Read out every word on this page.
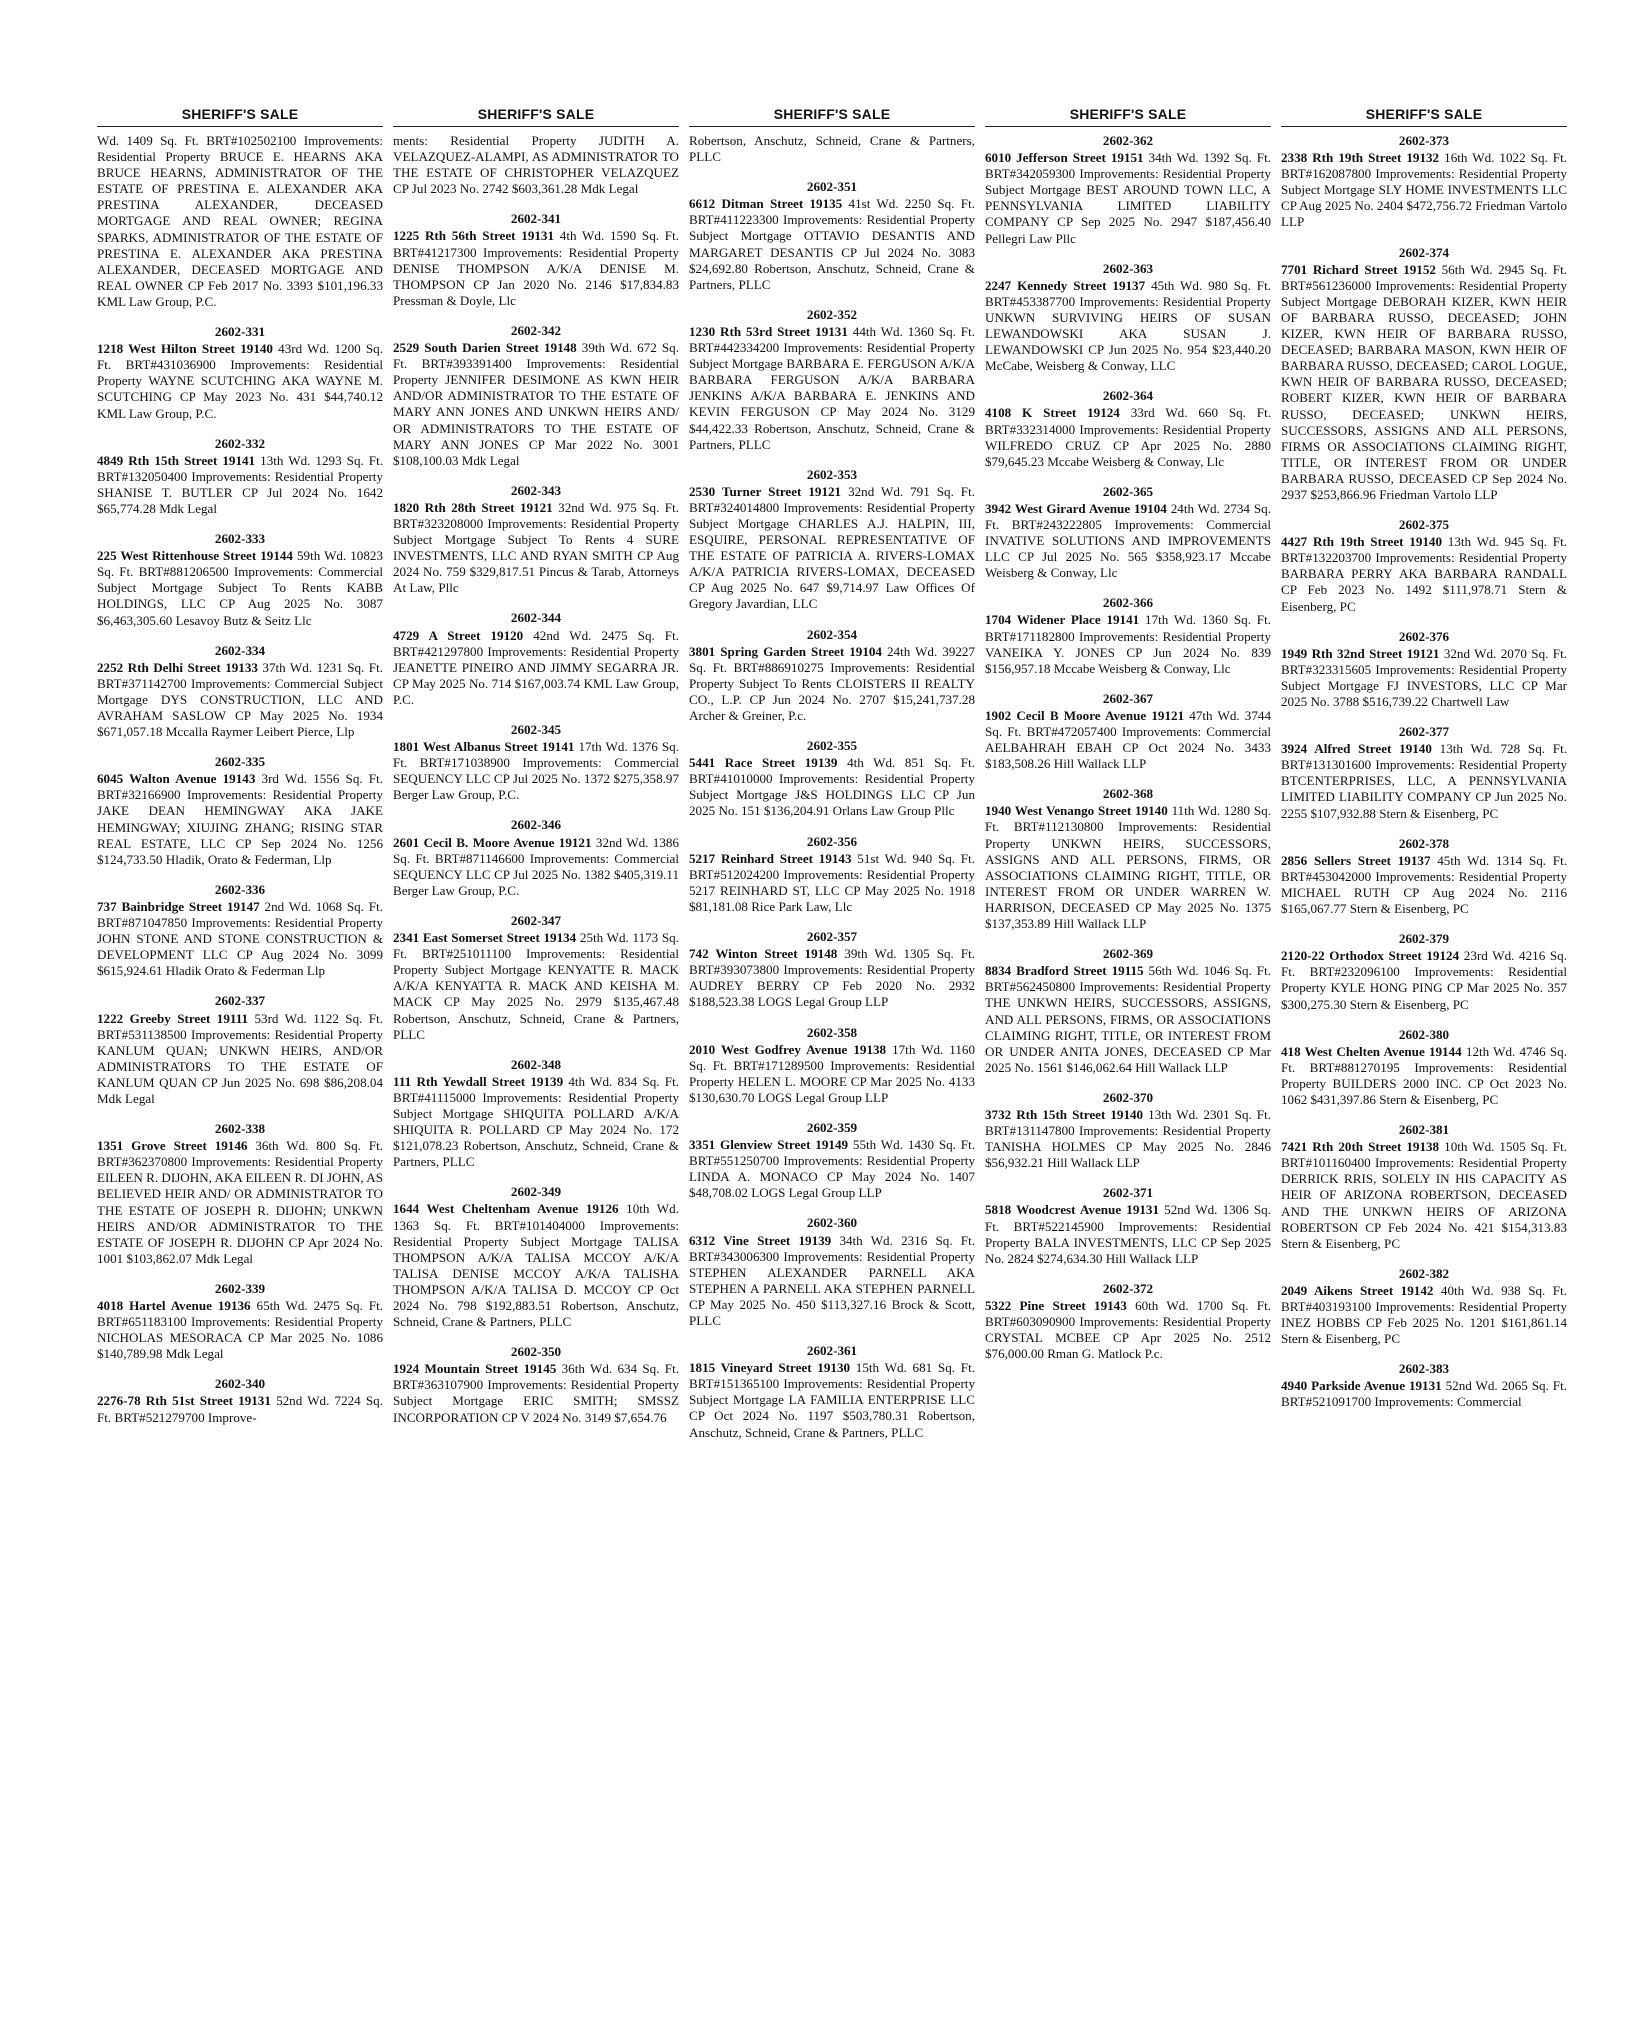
SHERIFF'S SALE
Wd. 1409 Sq. Ft. BRT#102502100 Improvements: Residential Property BRUCE E. HEARNS AKA BRUCE HEARNS, ADMINISTRATOR OF THE ESTATE OF PRESTINA E. ALEXANDER AKA PRESTINA ALEXANDER, DECEASED MORTGAGE AND REAL OWNER; REGINA SPARKS, ADMINISTRATOR OF THE ESTATE OF PRESTINA E. ALEXANDER AKA PRESTINA ALEXANDER, DECEASED MORTGAGE AND REAL OWNER CP Feb 2017 No. 3393 $101,196.33 KML Law Group, P.C.
2602-331
1218 West Hilton Street 19140 43rd Wd. 1200 Sq. Ft. BRT#431036900 Improvements: Residential Property WAYNE SCUTCHING AKA WAYNE M. SCUTCHING CP May 2023 No. 431 $44,740.12 KML Law Group, P.C.
2602-332
4849 Rth 15th Street 19141 13th Wd. 1293 Sq. Ft. BRT#132050400 Improvements: Residential Property SHANISE T. BUTLER CP Jul 2024 No. 1642 $65,774.28 Mdk Legal
2602-333
225 West Rittenhouse Street 19144 59th Wd. 10823 Sq. Ft. BRT#881206500 Improvements: Commercial Subject Mortgage Subject To Rents KABB HOLDINGS, LLC CP Aug 2025 No. 3087 $6,463,305.60 Lesavoy Butz & Seitz Llc
2602-334
2252 Rth Delhi Street 19133 37th Wd. 1231 Sq. Ft. BRT#371142700 Improvements: Commercial Subject Mortgage DYS CONSTRUCTION, LLC AND AVRAHAM SASLOW CP May 2025 No. 1934 $671,057.18 Mccalla Raymer Leibert Pierce, Llp
2602-335
6045 Walton Avenue 19143 3rd Wd. 1556 Sq. Ft. BRT#32166900 Improvements: Residential Property JAKE DEAN HEMINGWAY AKA JAKE HEMINGWAY; XIUJING ZHANG; RISING STAR REAL ESTATE, LLC CP Sep 2024 No. 1256 $124,733.50 Hladik, Orato & Federman, Llp
2602-336
737 Bainbridge Street 19147 2nd Wd. 1068 Sq. Ft. BRT#871047850 Improvements: Residential Property JOHN STONE AND STONE CONSTRUCTION & DEVELOPMENT LLC CP Aug 2024 No. 3099 $615,924.61 Hladik Orato & Federman Llp
2602-337
1222 Greeby Street 19111 53rd Wd. 1122 Sq. Ft. BRT#531138500 Improvements: Residential Property KANLUM QUAN; UNKWN HEIRS, AND/OR ADMINISTRATORS TO THE ESTATE OF KANLUM QUAN CP Jun 2025 No. 698 $86,208.04 Mdk Legal
2602-338
1351 Grove Street 19146 36th Wd. 800 Sq. Ft. BRT#362370800 Improvements: Residential Property EILEEN R. DIJOHN, AKA EILEEN R. DI JOHN, AS BELIEVED HEIR AND/ OR ADMINISTRATOR TO THE ESTATE OF JOSEPH R. DIJOHN; UNKWN HEIRS AND/OR ADMINISTRATOR TO THE ESTATE OF JOSEPH R. DIJOHN CP Apr 2024 No. 1001 $103,862.07 Mdk Legal
2602-339
4018 Hartel Avenue 19136 65th Wd. 2475 Sq. Ft. BRT#651183100 Improvements: Residential Property NICHOLAS MESORACA CP Mar 2025 No. 1086 $140,789.98 Mdk Legal
2602-340
2276-78 Rth 51st Street 19131 52nd Wd. 7224 Sq. Ft. BRT#521279700 Improve-
SHERIFF'S SALE
ments: Residential Property JUDITH A. VELAZQUEZ-ALAMPI, AS ADMINISTRATOR TO THE ESTATE OF CHRISTOPHER VELAZQUEZ CP Jul 2023 No. 2742 $603,361.28 Mdk Legal
2602-341
1225 Rth 56th Street 19131 4th Wd. 1590 Sq. Ft. BRT#41217300 Improvements: Residential Property DENISE THOMPSON A/K/A DENISE M. THOMPSON CP Jan 2020 No. 2146 $17,834.83 Pressman & Doyle, Llc
2602-342
2529 South Darien Street 19148 39th Wd. 672 Sq. Ft. BRT#393391400 Improvements: Residential Property JENNIFER DESIMONE AS KWN HEIR AND/OR ADMINISTRATOR TO THE ESTATE OF MARY ANN JONES AND UNKWN HEIRS AND/ OR ADMINISTRATORS TO THE ESTATE OF MARY ANN JONES CP Mar 2022 No. 3001 $108,100.03 Mdk Legal
2602-343
1820 Rth 28th Street 19121 32nd Wd. 975 Sq. Ft. BRT#323208000 Improvements: Residential Property Subject Mortgage Subject To Rents 4 SURE INVESTMENTS, LLC AND RYAN SMITH CP Aug 2024 No. 759 $329,817.51 Pincus & Tarab, Attorneys At Law, Pllc
2602-344
4729 A Street 19120 42nd Wd. 2475 Sq. Ft. BRT#421297800 Improvements: Residential Property JEANETTE PINEIRO AND JIMMY SEGARRA JR. CP May 2025 No. 714 $167,003.74 KML Law Group, P.C.
2602-345
1801 West Albanus Street 19141 17th Wd. 1376 Sq. Ft. BRT#171038900 Improvements: Commercial SEQUENCY LLC CP Jul 2025 No. 1372 $275,358.97 Berger Law Group, P.C.
2602-346
2601 Cecil B. Moore Avenue 19121 32nd Wd. 1386 Sq. Ft. BRT#871146600 Improvements: Commercial SEQUENCY LLC CP Jul 2025 No. 1382 $405,319.11 Berger Law Group, P.C.
2602-347
2341 East Somerset Street 19134 25th Wd. 1173 Sq. Ft. BRT#251011100 Improvements: Residential Property Subject Mortgage KENYATTE R. MACK A/K/A KENYATTA R. MACK AND KEISHA M. MACK CP May 2025 No. 2979 $135,467.48 Robertson, Anschutz, Schneid, Crane & Partners, PLLC
2602-348
111 Rth Yewdall Street 19139 4th Wd. 834 Sq. Ft. BRT#41115000 Improvements: Residential Property Subject Mortgage SHIQUITA POLLARD A/K/A SHIQUITA R. POLLARD CP May 2024 No. 172 $121,078.23 Robertson, Anschutz, Schneid, Crane & Partners, PLLC
2602-349
1644 West Cheltenham Avenue 19126 10th Wd. 1363 Sq. Ft. BRT#101404000 Improvements: Residential Property Subject Mortgage TALISA THOMPSON A/K/A TALISA MCCOY A/K/A TALISA DENISE MCCOY A/K/A TALISHA THOMPSON A/K/A TALISA D. MCCOY CP Oct 2024 No. 798 $192,883.51 Robertson, Anschutz, Schneid, Crane & Partners, PLLC
2602-350
1924 Mountain Street 19145 36th Wd. 634 Sq. Ft. BRT#363107900 Improvements: Residential Property Subject Mortgage ERIC SMITH; SMSSZ INCORPORATION CP V 2024 No. 3149 $7,654.76
SHERIFF'S SALE
Robertson, Anschutz, Schneid, Crane & Partners, PLLC
2602-351
6612 Ditman Street 19135 41st Wd. 2250 Sq. Ft. BRT#411223300 Improvements: Residential Property Subject Mortgage OTTAVIO DESANTIS AND MARGARET DESANTIS CP Jul 2024 No. 3083 $24,692.80 Robertson, Anschutz, Schneid, Crane & Partners, PLLC
2602-352
1230 Rth 53rd Street 19131 44th Wd. 1360 Sq. Ft. BRT#442334200 Improvements: Residential Property Subject Mortgage BARBARA E. FERGUSON A/K/A BARBARA FERGUSON A/K/A BARBARA JENKINS A/K/A BARBARA E. JENKINS AND KEVIN FERGUSON CP May 2024 No. 3129 $44,422.33 Robertson, Anschutz, Schneid, Crane & Partners, PLLC
2602-353
2530 Turner Street 19121 32nd Wd. 791 Sq. Ft. BRT#324014800 Improvements: Residential Property Subject Mortgage CHARLES A.J. HALPIN, III, ESQUIRE, PERSONAL REPRESENTATIVE OF THE ESTATE OF PATRICIA A. RIVERS-LOMAX A/K/A PATRICIA RIVERS-LOMAX, DECEASED CP Aug 2025 No. 647 $9,714.97 Law Offices Of Gregory Javardian, LLC
2602-354
3801 Spring Garden Street 19104 24th Wd. 39227 Sq. Ft. BRT#886910275 Improvements: Residential Property Subject To Rents CLOISTERS II REALTY CO., L.P. CP Jun 2024 No. 2707 $15,241,737.28 Archer & Greiner, P.c.
2602-355
5441 Race Street 19139 4th Wd. 851 Sq. Ft. BRT#41010000 Improvements: Residential Property Subject Mortgage J&S HOLDINGS LLC CP Jun 2025 No. 151 $136,204.91 Orlans Law Group Pllc
2602-356
5217 Reinhard Street 19143 51st Wd. 940 Sq. Ft. BRT#512024200 Improvements: Residential Property 5217 REINHARD ST, LLC CP May 2025 No. 1918 $81,181.08 Rice Park Law, Llc
2602-357
742 Winton Street 19148 39th Wd. 1305 Sq. Ft. BRT#393073800 Improvements: Residential Property AUDREY BERRY CP Feb 2020 No. 2932 $188,523.38 LOGS Legal Group LLP
2602-358
2010 West Godfrey Avenue 19138 17th Wd. 1160 Sq. Ft. BRT#171289500 Improvements: Residential Property HELEN L. MOORE CP Mar 2025 No. 4133 $130,630.70 LOGS Legal Group LLP
2602-359
3351 Glenview Street 19149 55th Wd. 1430 Sq. Ft. BRT#551250700 Improvements: Residential Property LINDA A. MONACO CP May 2024 No. 1407 $48,708.02 LOGS Legal Group LLP
2602-360
6312 Vine Street 19139 34th Wd. 2316 Sq. Ft. BRT#343006300 Improvements: Residential Property STEPHEN ALEXANDER PARNELL AKA STEPHEN A PARNELL AKA STEPHEN PARNELL CP May 2025 No. 450 $113,327.16 Brock & Scott, PLLC
2602-361
1815 Vineyard Street 19130 15th Wd. 681 Sq. Ft. BRT#151365100 Improvements: Residential Property Subject Mortgage LA FAMILIA ENTERPRISE LLC CP Oct 2024 No. 1197 $503,780.31 Robertson, Anschutz, Schneid, Crane & Partners, PLLC
SHERIFF'S SALE
2602-362
6010 Jefferson Street 19151 34th Wd. 1392 Sq. Ft. BRT#342059300 Improvements: Residential Property Subject Mortgage BEST AROUND TOWN LLC, A PENNSYLVANIA LIMITED LIABILITY COMPANY CP Sep 2025 No. 2947 $187,456.40 Pellegri Law Pllc
2602-363
2247 Kennedy Street 19137 45th Wd. 980 Sq. Ft. BRT#453387700 Improvements: Residential Property UNKWN SURVIVING HEIRS OF SUSAN LEWANDOWSKI AKA SUSAN J. LEWANDOWSKI CP Jun 2025 No. 954 $23,440.20 McCabe, Weisberg & Conway, LLC
2602-364
4108 K Street 19124 33rd Wd. 660 Sq. Ft. BRT#332314000 Improvements: Residential Property WILFREDO CRUZ CP Apr 2025 No. 2880 $79,645.23 Mccabe Weisberg & Conway, Llc
2602-365
3942 West Girard Avenue 19104 24th Wd. 2734 Sq. Ft. BRT#243222805 Improvements: Commercial INVATIVE SOLUTIONS AND IMPROVEMENTS LLC CP Jul 2025 No. 565 $358,923.17 Mccabe Weisberg & Conway, Llc
2602-366
1704 Widener Place 19141 17th Wd. 1360 Sq. Ft. BRT#171182800 Improvements: Residential Property VANEIKA Y. JONES CP Jun 2024 No. 839 $156,957.18 Mccabe Weisberg & Conway, Llc
2602-367
1902 Cecil B Moore Avenue 19121 47th Wd. 3744 Sq. Ft. BRT#472057400 Improvements: Commercial AELBAHRAH EBAH CP Oct 2024 No. 3433 $183,508.26 Hill Wallack LLP
2602-368
1940 West Venango Street 19140 11th Wd. 1280 Sq. Ft. BRT#112130800 Improvements: Residential Property UNKWN HEIRS, SUCCESSORS, ASSIGNS AND ALL PERSONS, FIRMS, OR ASSOCIATIONS CLAIMING RIGHT, TITLE, OR INTEREST FROM OR UNDER WARREN W. HARRISON, DECEASED CP May 2025 No. 1375 $137,353.89 Hill Wallack LLP
2602-369
8834 Bradford Street 19115 56th Wd. 1046 Sq. Ft. BRT#562450800 Improvements: Residential Property THE UNKWN HEIRS, SUCCESSORS, ASSIGNS, AND ALL PERSONS, FIRMS, OR ASSOCIATIONS CLAIMING RIGHT, TITLE, OR INTEREST FROM OR UNDER ANITA JONES, DECEASED CP Mar 2025 No. 1561 $146,062.64 Hill Wallack LLP
2602-370
3732 Rth 15th Street 19140 13th Wd. 2301 Sq. Ft. BRT#131147800 Improvements: Residential Property TANISHA HOLMES CP May 2025 No. 2846 $56,932.21 Hill Wallack LLP
2602-371
5818 Woodcrest Avenue 19131 52nd Wd. 1306 Sq. Ft. BRT#522145900 Improvements: Residential Property BALA INVESTMENTS, LLC CP Sep 2025 No. 2824 $274,634.30 Hill Wallack LLP
2602-372
5322 Pine Street 19143 60th Wd. 1700 Sq. Ft. BRT#603090900 Improvements: Residential Property CRYSTAL MCBEE CP Apr 2025 No. 2512 $76,000.00 Rman G. Matlock P.c.
SHERIFF'S SALE
2602-373
2338 Rth 19th Street 19132 16th Wd. 1022 Sq. Ft. BRT#162087800 Improvements: Residential Property Subject Mortgage SLY HOME INVESTMENTS LLC CP Aug 2025 No. 2404 $472,756.72 Friedman Vartolo LLP
2602-374
7701 Richard Street 19152 56th Wd. 2945 Sq. Ft. BRT#561236000 Improvements: Residential Property Subject Mortgage DEBORAH KIZER, KWN HEIR OF BARBARA RUSSO, DECEASED; JOHN KIZER, KWN HEIR OF BARBARA RUSSO, DECEASED; BARBARA MASON, KWN HEIR OF BARBARA RUSSO, DECEASED; CAROL LOGUE, KWN HEIR OF BARBARA RUSSO, DECEASED; ROBERT KIZER, KWN HEIR OF BARBARA RUSSO, DECEASED; UNKWN HEIRS, SUCCESSORS, ASSIGNS AND ALL PERSONS, FIRMS OR ASSOCIATIONS CLAIMING RIGHT, TITLE, OR INTEREST FROM OR UNDER BARBARA RUSSO, DECEASED CP Sep 2024 No. 2937 $253,866.96 Friedman Vartolo LLP
2602-375
4427 Rth 19th Street 19140 13th Wd. 945 Sq. Ft. BRT#132203700 Improvements: Residential Property BARBARA PERRY AKA BARBARA RANDALL CP Feb 2023 No. 1492 $111,978.71 Stern & Eisenberg, PC
2602-376
1949 Rth 32nd Street 19121 32nd Wd. 2070 Sq. Ft. BRT#323315605 Improvements: Residential Property Subject Mortgage FJ INVESTORS, LLC CP Mar 2025 No. 3788 $516,739.22 Chartwell Law
2602-377
3924 Alfred Street 19140 13th Wd. 728 Sq. Ft. BRT#131301600 Improvements: Residential Property BTCENTERPRISES, LLC, A PENNSYLVANIA LIMITED LIABILITY COMPANY CP Jun 2025 No. 2255 $107,932.88 Stern & Eisenberg, PC
2602-378
2856 Sellers Street 19137 45th Wd. 1314 Sq. Ft. BRT#453042000 Improvements: Residential Property MICHAEL RUTH CP Aug 2024 No. 2116 $165,067.77 Stern & Eisenberg, PC
2602-379
2120-22 Orthodox Street 19124 23rd Wd. 4216 Sq. Ft. BRT#232096100 Improvements: Residential Property KYLE HONG PING CP Mar 2025 No. 357 $300,275.30 Stern & Eisenberg, PC
2602-380
418 West Chelten Avenue 19144 12th Wd. 4746 Sq. Ft. BRT#881270195 Improvements: Residential Property BUILDERS 2000 INC. CP Oct 2023 No. 1062 $431,397.86 Stern & Eisenberg, PC
2602-381
7421 Rth 20th Street 19138 10th Wd. 1505 Sq. Ft. BRT#101160400 Improvements: Residential Property DERRICK RRIS, SOLELY IN HIS CAPACITY AS HEIR OF ARIZONA ROBERTSON, DECEASED AND THE UNKWN HEIRS OF ARIZONA ROBERTSON CP Feb 2024 No. 421 $154,313.83 Stern & Eisenberg, PC
2602-382
2049 Aikens Street 19142 40th Wd. 938 Sq. Ft. BRT#403193100 Improvements: Residential Property INEZ HOBBS CP Feb 2025 No. 1201 $161,861.14 Stern & Eisenberg, PC
2602-383
4940 Parkside Avenue 19131 52nd Wd. 2065 Sq. Ft. BRT#521091700 Improvements: Commercial
